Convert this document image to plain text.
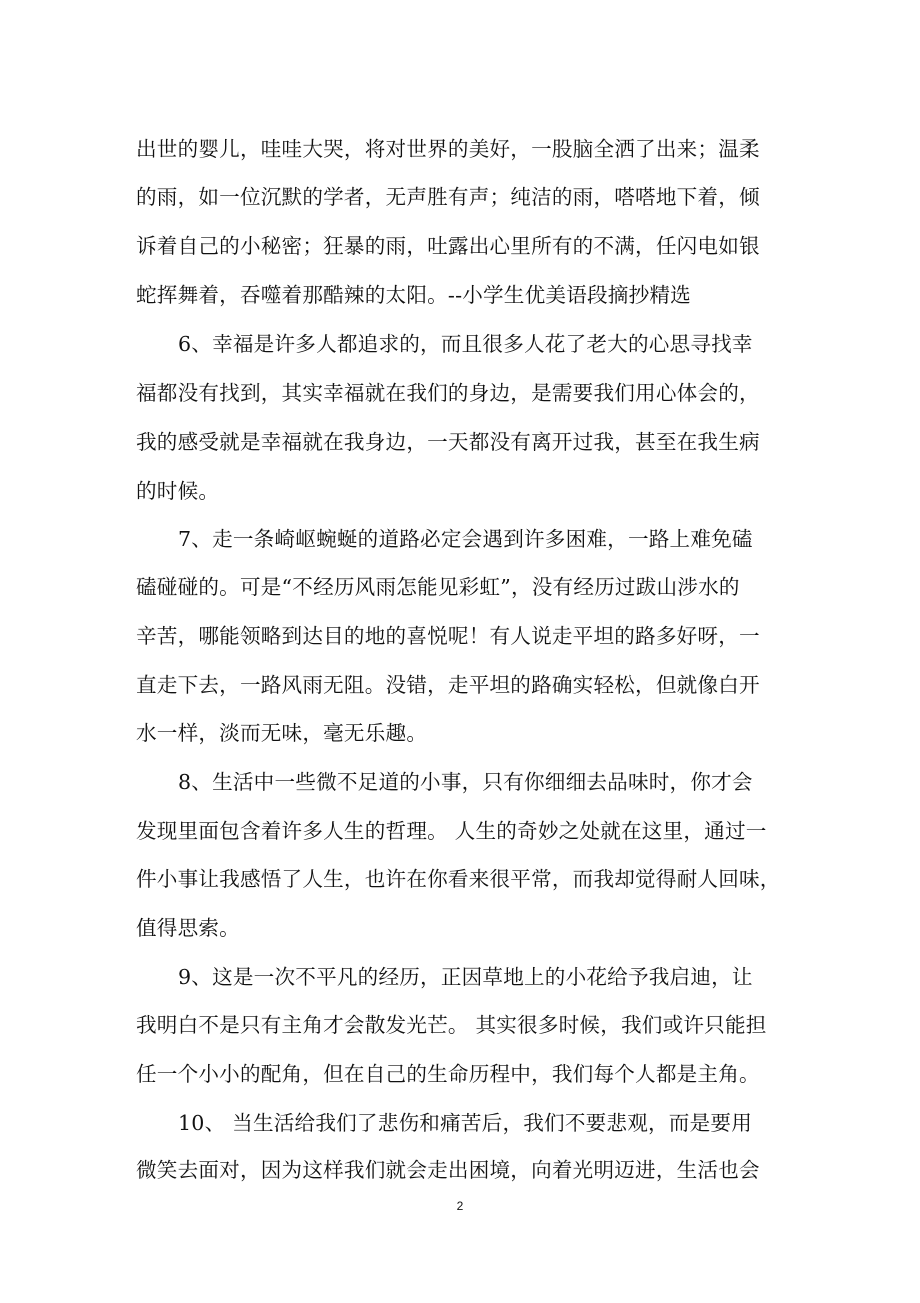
出世的婴儿，哇哇大哭，将对世界的美好，一股脑全洒了出来；温柔
的雨，如一位沉默的学者，无声胜有声；纯洁的雨，嗒嗒地下着，倾
诉着自己的小秘密；狂暴的雨，吐露出心里所有的不满，任闪电如银
蛇挥舞着，吞噬着那酷辣的太阳。--小学生优美语段摘抄精选
6、幸福是许多人都追求的，而且很多人花了老大的心思寻找幸
福都没有找到，其实幸福就在我们的身边，是需要我们用心体会的，
我的感受就是幸福就在我身边，一天都没有离开过我，甚至在我生病
的时候。
7、走一条崎岖蜿蜒的道路必定会遇到许多困难，一路上难免磕
磕碰碰的。可是“不经历风雨怎能见彩虹”，没有经历过跋山涉水的
辛苦，哪能领略到达目的地的喜悦呢！有人说走平坦的路多好呀，一
直走下去，一路风雨无阻。没错，走平坦的路确实轻松，但就像白开
水一样，淡而无味，毫无乐趣。
8、生活中一些微不足道的小事，只有你细细去品味时，你才会
发现里面包含着许多人生的哲理。 人生的奇妙之处就在这里，通过一
件小事让我感悟了人生，也许在你看来很平常，而我却觉得耐人回味，
值得思索。
9、这是一次不平凡的经历，正因草地上的小花给予我启迪，让
我明白不是只有主角才会散发光芒。 其实很多时候，我们或许只能担
任一个小小的配角，但在自己的生命历程中，我们每个人都是主角。
10、 当生活给我们了悲伤和痛苦后，我们不要悲观，而是要用
微笑去面对，因为这样我们就会走出困境，向着光明迈进，生活也会
2
